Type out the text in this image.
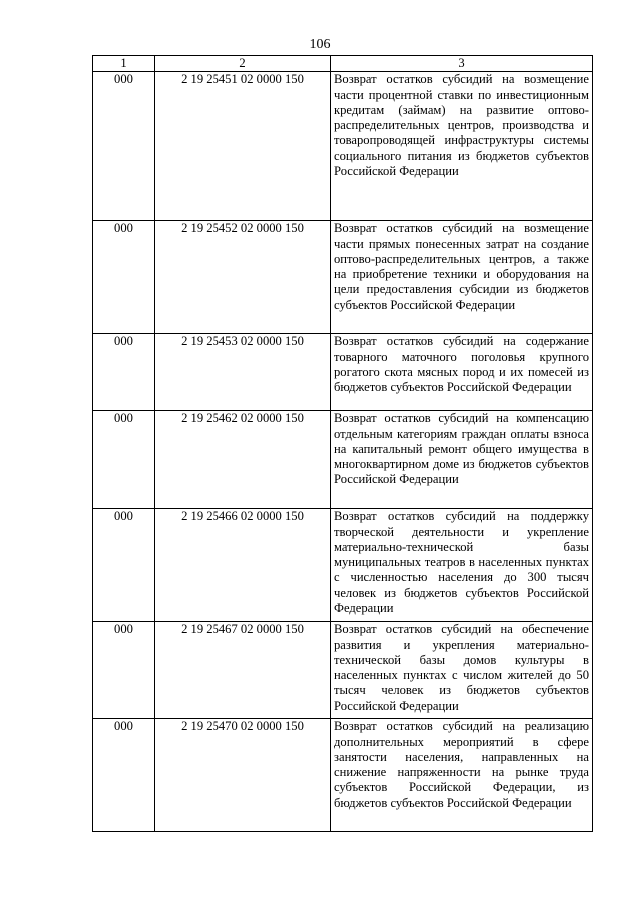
106
1	2	3
000	2 19 25451 02 0000 150	Возврат остатков субсидий на возмещение части процентной ставки по инвестиционным кредитам (займам) на развитие оптово-распределительных центров, производства и товаропроводящей инфраструктуры системы социального питания из бюджетов субъектов Российской Федерации
000	2 19 25452 02 0000 150	Возврат остатков субсидий на возмещение части прямых понесенных затрат на создание оптово-распределительных центров, а также на приобретение техники и оборудования на цели предоставления субсидии из бюджетов субъектов Российской Федерации
000	2 19 25453 02 0000 150	Возврат остатков субсидий на содержание товарного маточного поголовья крупного рогатого скота мясных пород и их помесей из бюджетов субъектов Российской Федерации
000	2 19 25462 02 0000 150	Возврат остатков субсидий на компенсацию отдельным категориям граждан оплаты взноса на капитальный ремонт общего имущества в многоквартирном доме из бюджетов субъектов Российской Федерации
000	2 19 25466 02 0000 150	Возврат остатков субсидий на поддержку творческой деятельности и укрепление материально-технической базы муниципальных театров в населенных пунктах с численностью населения до 300 тысяч человек из бюджетов субъектов Российской Федерации
000	2 19 25467 02 0000 150	Возврат остатков субсидий на обеспечение развития и укрепления материально-технической базы домов культуры в населенных пунктах с числом жителей до 50 тысяч человек из бюджетов субъектов Российской Федерации
000	2 19 25470 02 0000 150	Возврат остатков субсидий на реализацию дополнительных мероприятий в сфере занятости населения, направленных на снижение напряженности на рынке труда субъектов Российской Федерации, из бюджетов субъектов Российской Федерации
